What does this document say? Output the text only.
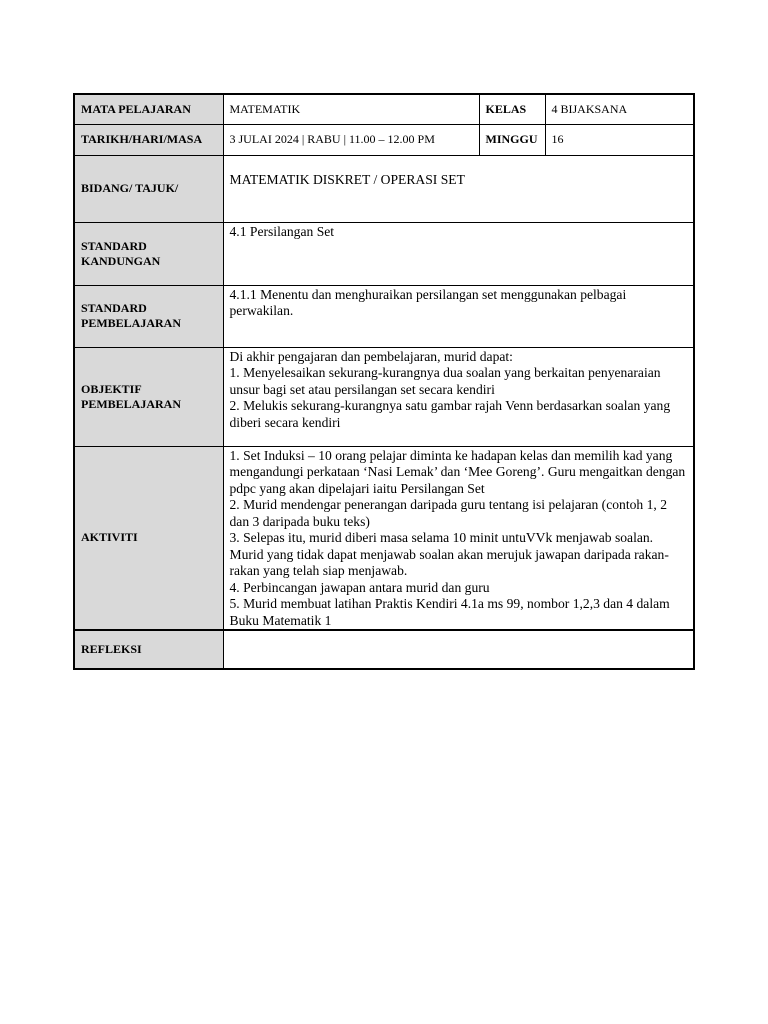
MATA PELAJARAN	MATEMATIK	KELAS	4 BIJAKSANA
TARIKH/HARI/MASA	3 JULAI 2024 | RABU | 11.00 – 12.00 PM	MINGGU	16
BIDANG/ TAJUK/	MATEMATIK DISKRET / OPERASI SET		

STANDARD
KANDUNGAN	4.1 Persilangan Set		

STANDARD
PEMBELAJARAN	4.1.1 Menentu dan menghuraikan persilangan set menggunakan pelbagai perwakilan.		

OBJEKTIF
PEMBELAJARAN	Di akhir pengajaran dan pembelajaran, murid dapat:
1. Menyelesaikan sekurang-kurangnya dua soalan yang berkaitan penyenaraian unsur bagi set atau persilangan set secara kendiri
2. Melukis sekurang-kurangnya satu gambar rajah Venn berdasarkan soalan yang diberi secara kendiri		

AKTIVITI	1. Set Induksi – 10 orang pelajar diminta ke hadapan kelas dan memilih kad yang mengandungi perkataan ‘Nasi Lemak’ dan ‘Mee Goreng’. Guru mengaitkan dengan pdpc yang akan dipelajari iaitu Persilangan Set
2. Murid mendengar penerangan daripada guru tentang isi pelajaran (contoh 1, 2 dan 3 daripada buku teks)
3. Selepas itu, murid diberi masa selama 10 minit untuVVk menjawab soalan. Murid yang tidak dapat menjawab soalan akan merujuk jawapan daripada rakan-rakan yang telah siap menjawab.
4. Perbincangan jawapan antara murid dan guru
5. Murid membuat latihan Praktis Kendiri 4.1a ms 99, nombor 1,2,3 dan 4 dalam Buku Matematik 1		

REFLEKSI			
